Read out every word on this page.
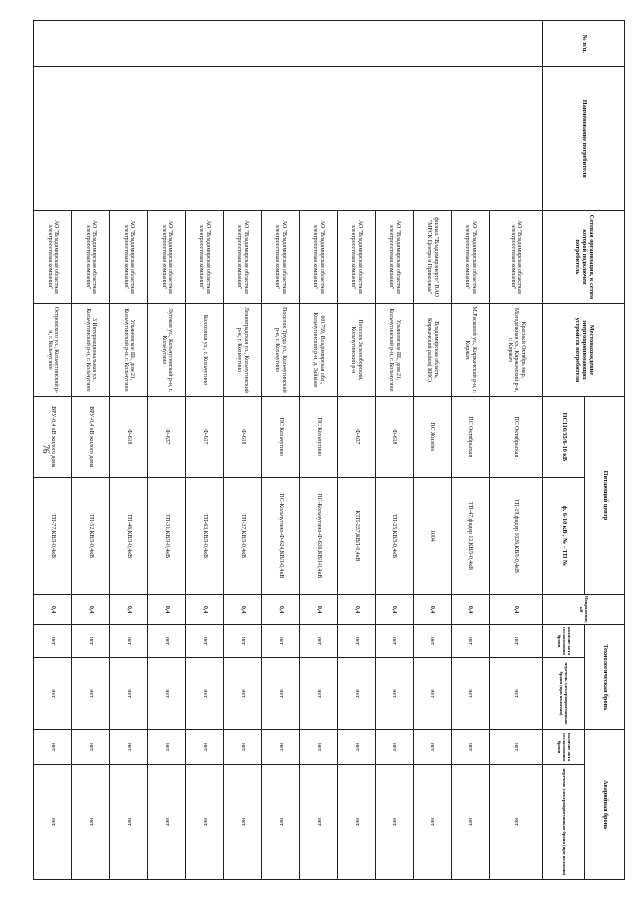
76
№ п/п.	Наименование потребителя	Сетевая организация, к сетям которой подключен потребитель	Местонахождение энергопринимающих устройств потребителя	Питающий центр		Напряжение, кВ	Технологическая бронь		Аварийная бронь	
				ПС110/35/6-10 кВ	ф. 6-10 кВ , № - ТП №		наличие акта согласования брони	перечень электроприемников брони (при наличии)	наличие акта согласования брони	перечень электроприемников брони (при наличии)
		АО "Владимирская областная электросетевая компания"	Красный Октябрь мкр, Молодёжная ул., Киржачский р-н, г. Киржач	ПС Октябрьская	ТП-19,фидер 1026,КВЛ-0,4кВ	0,4	нет	нет	нет	нет
		АО "Владимирская областная электросетевая компания"	М.Расковой ул., Киржачский р-н, г. Киржач	ПС Октябрьская	ТП-47,фидер 12,КВЛ-0,4кВ	0,4	нет	нет	нет	нет
		филиал "Владимирэнерго" ПАО "МРСК Центра и Приволжья"	Владимирская область, Киржачский район( КНС)	ПС Жилёво	1004	0,4	нет	нет	нет	нет
		АО "Владимирская областная электросетевая компания"	Ульяновское Ш., дом 21, Кольчугинский р-н, г. Кольчугино	Ф-618	ТП-25,КВЛ-0,4кВ	0,4	нет	нет	нет	нет
		АО "Владимирская областная электросетевая компания"	Поселок Зеленоборский, Кольчугинский р-н	Ф-637	КТП-237,КВЛ-0,4кВ	0,4	нет	нет	нет	нет
		АО "Владимирская областная электросетевая компания"	601759, Владимирская обл., Кольчугинский р-н, д. Зайково	ПС Кольчугино	ПС-Кольчугино-Ф-636,КВЛ-0,4кВ	0,4	нет	нет	нет	нет
		АО "Владимирская областная электросетевая компания"	Поселок Труда ул., Кольчугинский р-н, г. Кольчугино	ПС Кольчугино	ПС-Кольчугино-Ф-624,КВЛ-0,4кВ	0,4	нет	нет	нет	нет
		АО "Владимирская областная электросетевая компания"	Ленинградская ул., Кольчугинский р-н, г. Кольчугино	Ф-618	ТП-37,КВЛ-0,4кВ	0,4	нет	нет	нет	нет
		АО "Владимирская областная электросетевая компания"	Колхозная ул., г. Кольчугино	Ф-617	ТП-63,КВЛ-0,4кВ	0,4	нет	нет	нет	нет
		АО "Владимирская областная электросетевая компания"	Луговая ул., Кольчугинский р-н, г. Кольчугино	Ф-637	ТП-31,КВЛ-0,4кВ	0,4	нет	нет	нет	нет
		АО "Владимирская областная электросетевая компания"	Ульяновское Ш., дом 21, Кольчугинский р-н, г. Кольчугино	Ф-618	ТП-46,КВЛ-0,4кВ	0,4	нет	нет	нет	нет
		АО "Владимирская областная электросетевая компания"	3 Интернациональная ул., Кольчугинский р-н, г. Кольчугино	ВРУ-0,4 кВ жилого дома	ТП-52,КВЛ-0,4кВ	0,4	нет	нет	нет	нет
		АО "Владимирская областная электросетевая компания"	Островского ул., Кольчугинский р-н, г. Кольчугино	ВРУ-0,4 кВ жилого дома	ТП-77,КВЛ-0,4кВ	0,4	нет	нет	нет	нет
